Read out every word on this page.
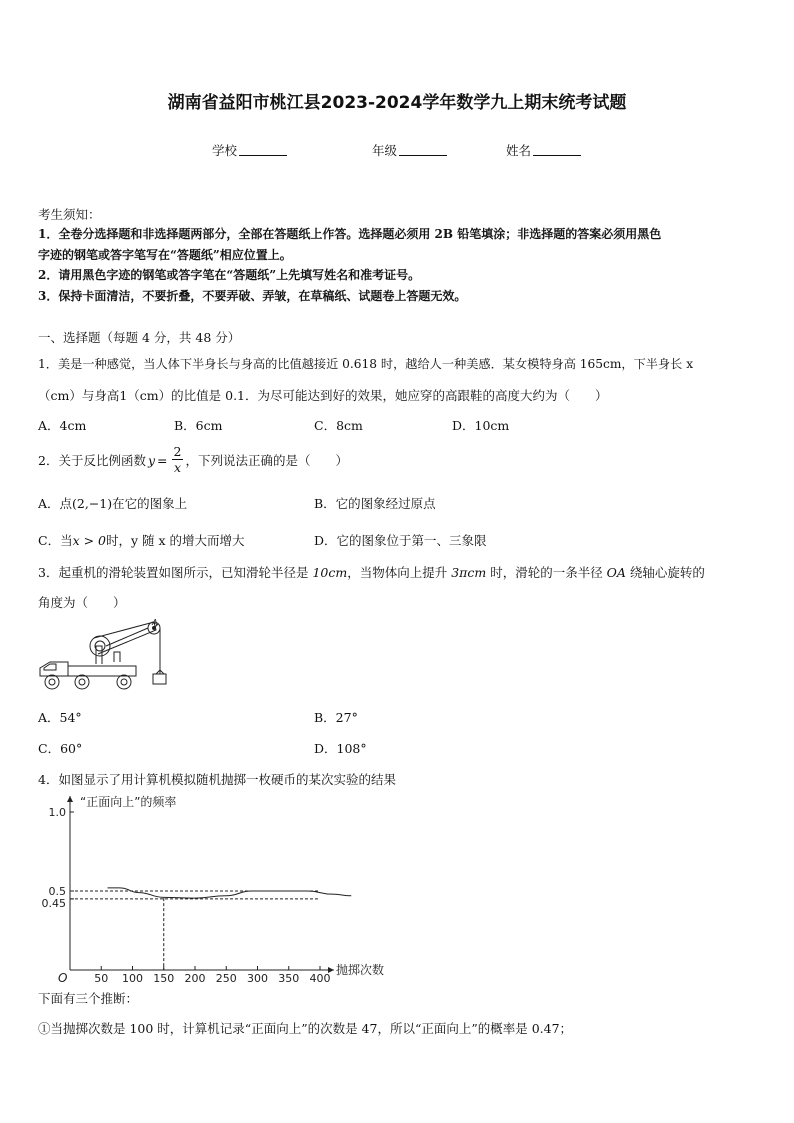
湖南省益阳市桃江县2023-2024学年数学九上期末统考试题
学校	年级	姓名
考生须知：
1．全卷分选择题和非选择题两部分，全部在答题纸上作答。选择题必须用 2B 铅笔填涂；非选择题的答案必须用黑色
字迹的钢笔或答字笔写在“答题纸”相应位置上。
2．请用黑色字迹的钢笔或答字笔在“答题纸”上先填写姓名和准考证号。
3．保持卡面清洁，不要折叠，不要弄破、弄皱，在草稿纸、试题卷上答题无效。
一、选择题（每题 4 分，共 48 分）
1．美是一种感觉，当人体下半身长与身高的比值越接近 0.618 时，越给人一种美感．某女模特身高 165cm，下半身长 x
（cm）与身高1（cm）的比值是 0.1．为尽可能达到好的效果，她应穿的高跟鞋的高度大约为（　　）
A．4cm	B．6cm	C．8cm	D．10cm
2．关于反比例函数 $y = \frac{2}{x}$ ，下列说法正确的是（　　）
A．点(2,−1)在它的图象上	B．它的图象经过原点
C．当x > 0时，y 随 x 的增大而增大	D．它的图象位于第一、三象限
3．起重机的滑轮装置如图所示，已知滑轮半径是 10cm，当物体向上提升 3πcm 时，滑轮的一条半径 OA 绕轴心旋转的
角度为（　　）
A
A．54°	B．27°
C．60°	D．108°
4．如图显示了用计算机模拟随机抛掷一枚硬币的某次实验的结果
50 100 150 200 250 300 350 400
1.0
0.5
0.45
“正面向上”的频率
抛掷次数
O
下面有三个推断：
①当抛掷次数是 100 时，计算机记录“正面向上”的次数是 47，所以“正面向上”的概率是 0.47；
